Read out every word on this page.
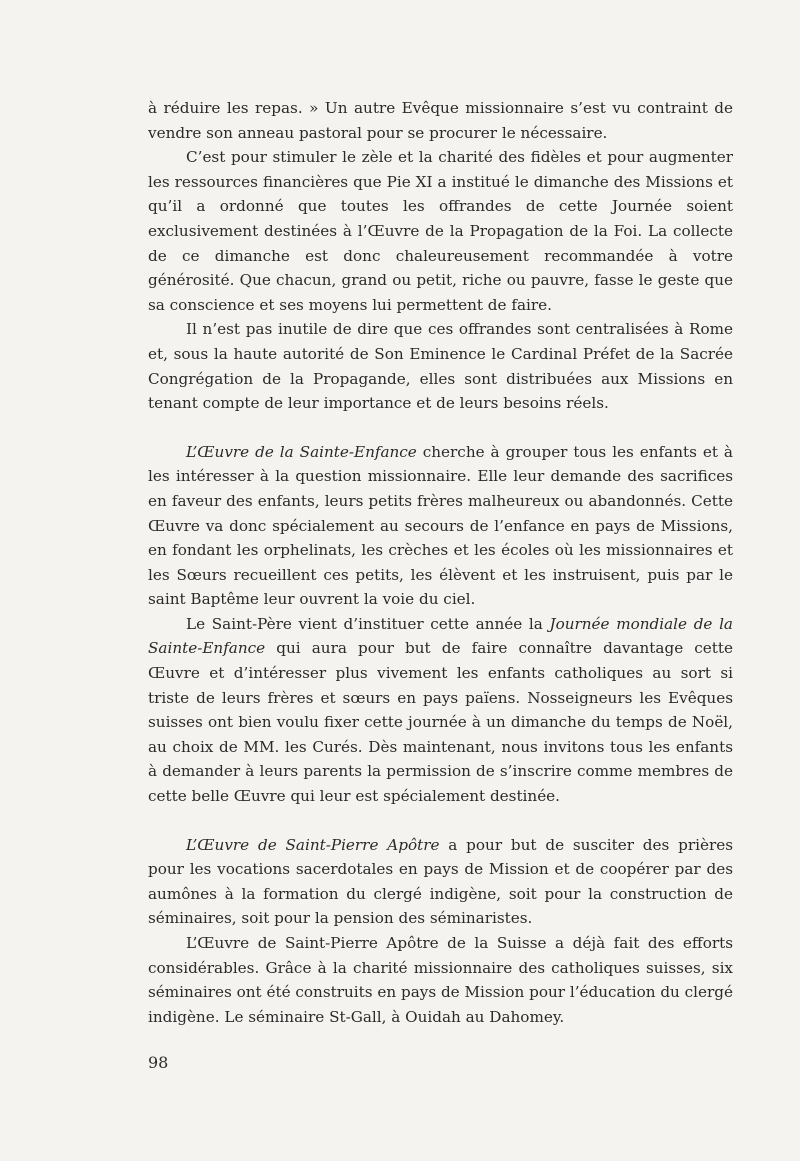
à réduire les repas. » Un autre Evêque missionnaire s’est vu contraint de vendre son anneau pastoral pour se procurer le nécessaire.

C’est pour stimuler le zèle et la charité des fidèles et pour augmenter les ressources financières que Pie XI a institué le dimanche des Missions et qu’il a ordonné que toutes les offrandes de cette Journée soient exclusivement destinées à l’Œuvre de la Propagation de la Foi. La collecte de ce dimanche est donc chaleureusement recommandée à votre générosité. Que chacun, grand ou petit, riche ou pauvre, fasse le geste que sa conscience et ses moyens lui permettent de faire.

Il n’est pas inutile de dire que ces offrandes sont centralisées à Rome et, sous la haute autorité de Son Eminence le Cardinal Préfet de la Sacrée Congrégation de la Propagande, elles sont distribuées aux Missions en tenant compte de leur importance et de leurs besoins réels.

L’Œuvre de la Sainte-Enfance cherche à grouper tous les enfants et à les intéresser à la question missionnaire. Elle leur demande des sacrifices en faveur des enfants, leurs petits frères malheureux ou abandonnés. Cette Œuvre va donc spécialement au secours de l’enfance en pays de Missions, en fondant les orphelinats, les crèches et les écoles où les missionnaires et les Sœurs recueillent ces petits, les élèvent et les instruisent, puis par le saint Baptême leur ouvrent la voie du ciel.

Le Saint-Père vient d’instituer cette année la Journée mondiale de la Sainte-Enfance qui aura pour but de faire connaître davantage cette Œuvre et d’intéresser plus vivement les enfants catholiques au sort si triste de leurs frères et sœurs en pays païens. Nosseigneurs les Evêques suisses ont bien voulu fixer cette journée à un dimanche du temps de Noël, au choix de MM. les Curés. Dès maintenant, nous invitons tous les enfants à demander à leurs parents la permission de s’inscrire comme membres de cette belle Œuvre qui leur est spécialement destinée.

L’Œuvre de Saint-Pierre Apôtre a pour but de susciter des prières pour les vocations sacerdotales en pays de Mission et de coopérer par des aumônes à la formation du clergé indigène, soit pour la construction de séminaires, soit pour la pension des séminaristes.

L’Œuvre de Saint-Pierre Apôtre de la Suisse a déjà fait des efforts considérables. Grâce à la charité missionnaire des catholiques suisses, six séminaires ont été construits en pays de Mission pour l’éducation du clergé indigène. Le séminaire St-Gall, à Ouidah au Dahomey.

98
